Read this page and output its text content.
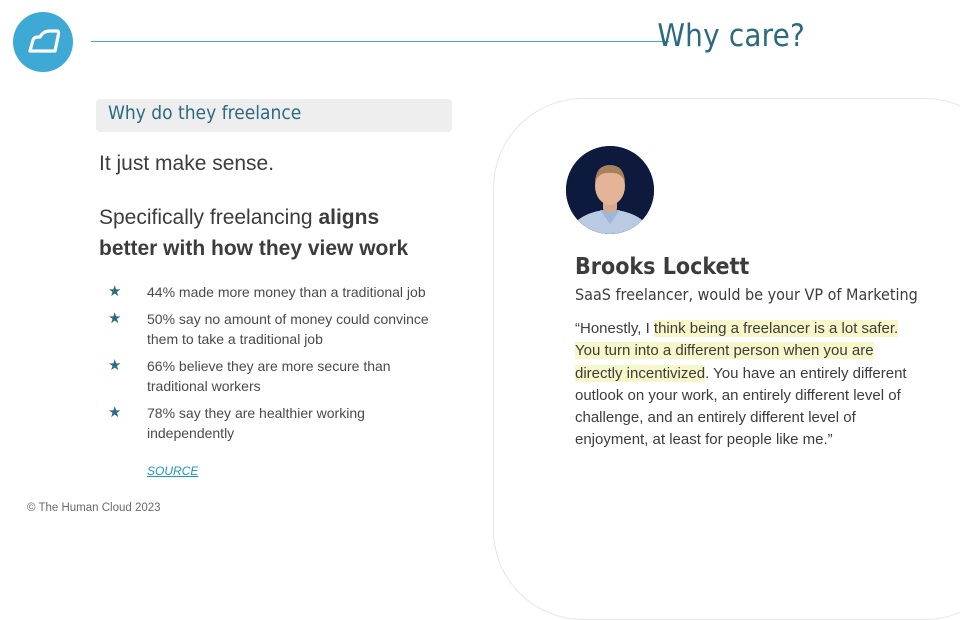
Why care?
Why do they freelance
It just make sense.
Specifically freelancing aligns better with how they view work
★	44% made more money than a traditional job
★	50% say no amount of money could convince them to take a traditional job
★	66% believe they are more secure than traditional workers
★	78% say they are healthier working independently
SOURCE
© The Human Cloud 2023
Brooks Lockett
SaaS freelancer, would be your VP of Marketing
“Honestly, I think being a freelancer is a lot safer. You turn into a different person when you are directly incentivized. You have an entirely different outlook on your work, an entirely different level of challenge, and an entirely different level of enjoyment, at least for people like me.”
